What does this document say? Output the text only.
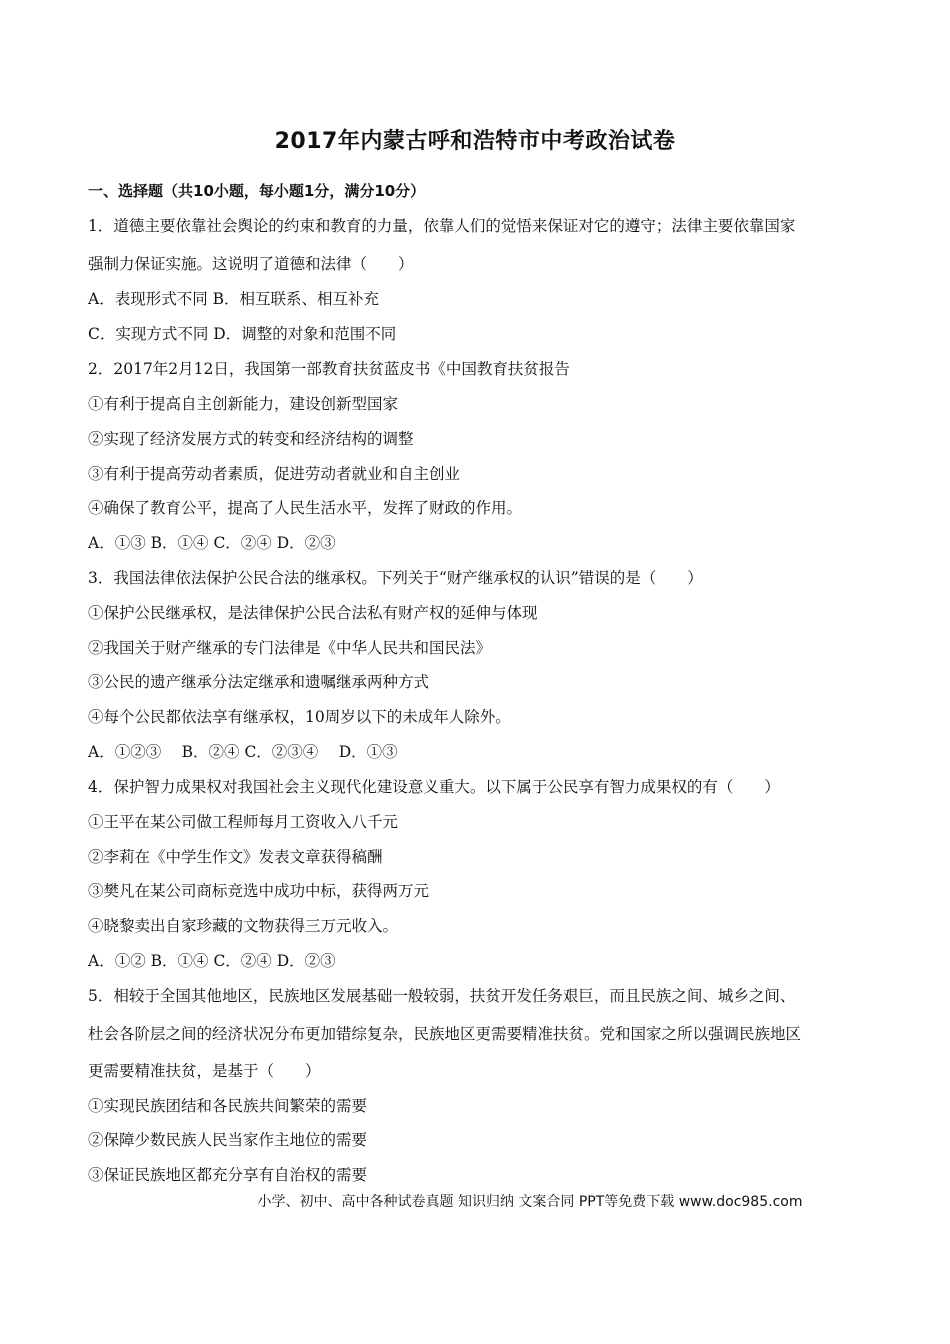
2017年内蒙古呼和浩特市中考政治试卷
一、选择题（共10小题，每小题1分，满分10分）
1．道德主要依靠社会舆论的约束和教育的力量，依靠人们的觉悟来保证对它的遵守；法律主要依靠国家
强制力保证实施。这说明了道德和法律（　　）
A．表现形式不同 B．相互联系、相互补充
C．实现方式不同 D．调整的对象和范围不同
2．2017年2月12日，我国第一部教育扶贫蓝皮书《中国教育扶贫报告
①有利于提高自主创新能力，建设创新型国家
②实现了经济发展方式的转变和经济结构的调整
③有利于提高劳动者素质，促进劳动者就业和自主创业
④确保了教育公平，提高了人民生活水平，发挥了财政的作用。
A．①③ B．①④ C．②④ D．②③
3．我国法律依法保护公民合法的继承权。下列关于“财产继承权的认识”错误的是（　　）
①保护公民继承权，是法律保护公民合法私有财产权的延伸与体现
②我国关于财产继承的专门法律是《中华人民共和国民法》
③公民的遗产继承分法定继承和遗嘱继承两种方式
④每个公民都依法享有继承权，10周岁以下的未成年人除外。
A．①②③　 B．②④ C．②③④　 D．①③
4．保护智力成果权对我国社会主义现代化建设意义重大。以下属于公民享有智力成果权的有（　　）
①王平在某公司做工程师每月工资收入八千元
②李莉在《中学生作文》发表文章获得稿酬
③樊凡在某公司商标竞选中成功中标，获得两万元
④晓黎卖出自家珍藏的文物获得三万元收入。
A．①② B．①④ C．②④ D．②③
5．相较于全国其他地区，民族地区发展基础一般较弱，扶贫开发任务艰巨，而且民族之间、城乡之间、
杜会各阶层之间的经济状况分布更加错综复杂，民族地区更需要精准扶贫。党和国家之所以强调民族地区
更需要精准扶贫，是基于（　　）
①实现民族团结和各民族共间繁荣的需要
②保障少数民族人民当家作主地位的需要
③保证民族地区都充分享有自治权的需要
小学、初中、高中各种试卷真题 知识归纳 文案合同 PPT等免费下载 www.doc985.com
